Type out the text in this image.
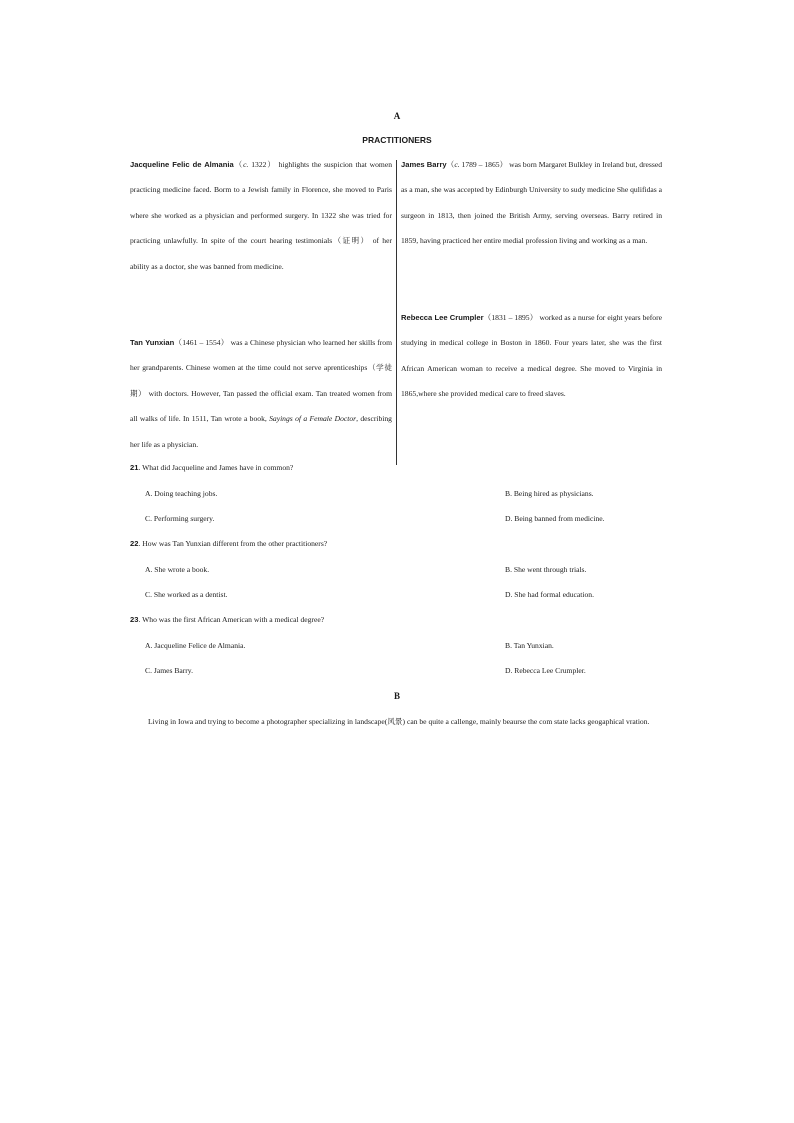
A
PRACTITIONERS
Jacqueline Felic de Almania（c. 1322） highlights the suspicion that women practicing medicine faced. Borm to a Jewish family in Florence, she moved to Paris where she worked as a physician and performed surgery. In 1322 she was tried for practicing unlawfully. In spite of the court hearing testimonials（证明） of her ability as a doctor, she was banned from medicine.
James Barry（c. 1789 – 1865） was born Margaret Bulkley in Ireland but, dressed as a man, she was accepted by Edinburgh University to sudy medicine She qulifidas a surgeon in 1813, then joined the British Army, serving overseas. Barry retired in 1859, having practiced her entire medial profession living and working as a man.
Tan Yunxian（1461 – 1554） was a Chinese physician who learned her skills from her grandparents. Chinese women at the time could not serve aprenticeships（学徒期） with doctors. However, Tan passed the official exam. Tan treated women from all walks of life. In 1511, Tan wrote a book, Sayings of a Female Doctor, describing her life as a physician.
Rebecca Lee Crumpler（1831 – 1895） worked as a nurse for eight years before studying in medical college in Boston in 1860. Four years later, she was the first African American woman to receive a medical degree. She moved to Virginia in 1865,where she provided medical care to freed slaves.
21. What did Jacqueline and James have in common?
A. Doing teaching jobs.	B. Being hired as physicians.
C. Performing surgery.	D. Being banned from medicine.
22. How was Tan Yunxian different from the other practitioners?
A. She wrote a book.	B. She went through trials.
C. She worked as a dentist.	D. She had formal education.
23. Who was the first African American with a medical degree?
A. Jacqueline Felice de Almania.	B. Tan Yunxian.
C. James Barry.	D. Rebecca Lee Crumpler.
B
Living in Iowa and trying to become a photographer specializing in landscape(风景) can be quite a callenge, mainly beaurse the com state lacks geogaphical vration.
